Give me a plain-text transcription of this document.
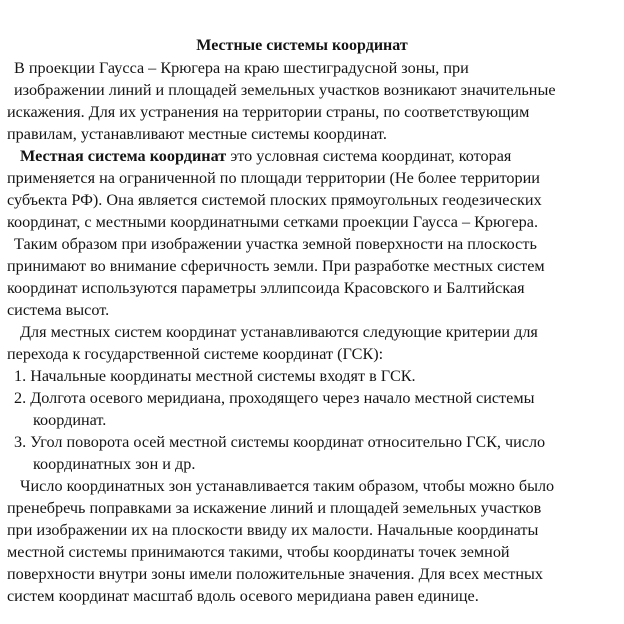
Местные системы координат
В проекции Гаусса – Крюгера на краю шестиградусной зоны, при
изображении линий и площадей земельных участков возникают значительные
искажения. Для их устранения на территории страны, по соответствующим
правилам, устанавливают местные системы координат.
Местная система координат это условная система координат, которая
применяется на ограниченной по площади территории (Не более территории
субъекта РФ). Она является системой плоских прямоугольных геодезических
координат, с местными координатными сетками проекции Гаусса – Крюгера.
Таким образом при изображении участка земной поверхности на плоскость
принимают во внимание сферичность земли. При разработке местных систем
координат используются параметры эллипсоида Красовского и Балтийская
система высот.
Для местных систем координат устанавливаются следующие критерии для
перехода к государственной системе координат (ГСК):
1. Начальные координаты местной системы входят в ГСК.
2. Долгота осевого меридиана, проходящего через начало местной системы
координат.
3. Угол поворота осей местной системы координат относительно ГСК, число
координатных зон и др.
Число координатных зон устанавливается таким образом, чтобы можно было
пренебречь поправками за искажение линий и площадей земельных участков
при изображении их на плоскости ввиду их малости. Начальные координаты
местной системы принимаются такими, чтобы координаты точек земной
поверхности внутри зоны имели положительные значения. Для всех местных
систем координат масштаб вдоль осевого меридиана равен единице.
